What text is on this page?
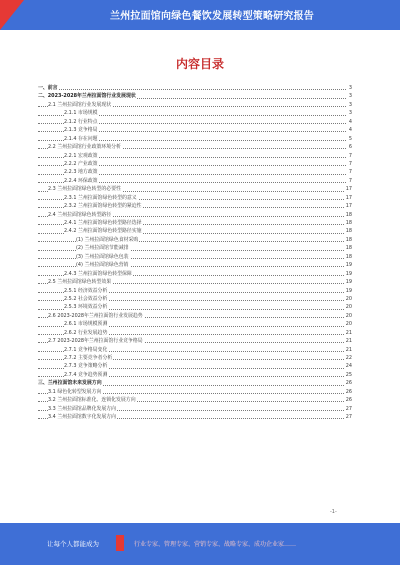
兰州拉面馆向绿色餐饮发展转型策略研究报告
内容目录
一、前言	3
二、2023-2028年兰州拉面馆行业发展现状	3
2.1 兰州拉面馆行业发展现状	3
2.1.1 市场规模	3
2.1.2 行业特点	4
2.1.3 竞争格局	4
2.1.4 存在问题	5
2.2 兰州拉面馆行业政策环境分析	6
2.2.1 宏观政策	7
2.2.2 产业政策	7
2.2.3 地方政策	7
2.2.4 环保政策	7
2.3 兰州拉面馆绿色转型的必要性	17
2.3.1 兰州拉面馆绿色转型的意义	17
2.3.2 兰州拉面馆绿色转型的紧迫性	17
2.4 兰州拉面馆绿色转型路径	18
2.4.1 兰州拉面馆绿色转型路径选择	18
2.4.2 兰州拉面馆绿色转型路径实施	18
(1) 兰州拉面馆绿色食材采购	18
(2) 兰州拉面馆节能减排	18
(3) 兰州拉面馆绿色包装	18
(4) 兰州拉面馆绿色营销	19
2.4.3 兰州拉面馆绿色转型保障	19
2.5 兰州拉面馆绿色转型效果	19
2.5.1 经济效益分析	19
2.5.2 社会效益分析	20
2.5.3 环境效益分析	20
2.6 2023-2028年兰州拉面馆行业发展趋势	20
2.6.1 市场规模预测	20
2.6.2 行业发展趋势	21
2.7 2023-2028年兰州拉面馆行业竞争格局	21
2.7.1 竞争格局变化	21
2.7.2 主要竞争者分析	22
2.7.3 竞争策略分析	24
2.7.4 竞争趋势预测	25
三、兰州拉面馆未来发展方向	26
3.1 绿色化转型发展方向	26
3.2 兰州拉面馆标准化、连锁化发展方向	26
3.3 兰州拉面馆品牌化发展方向	27
3.4 兰州拉面馆数字化发展方向	27
-1-
让每个人都能成为	行业专家、管理专家、营销专家、战略专家、成功企业家……
